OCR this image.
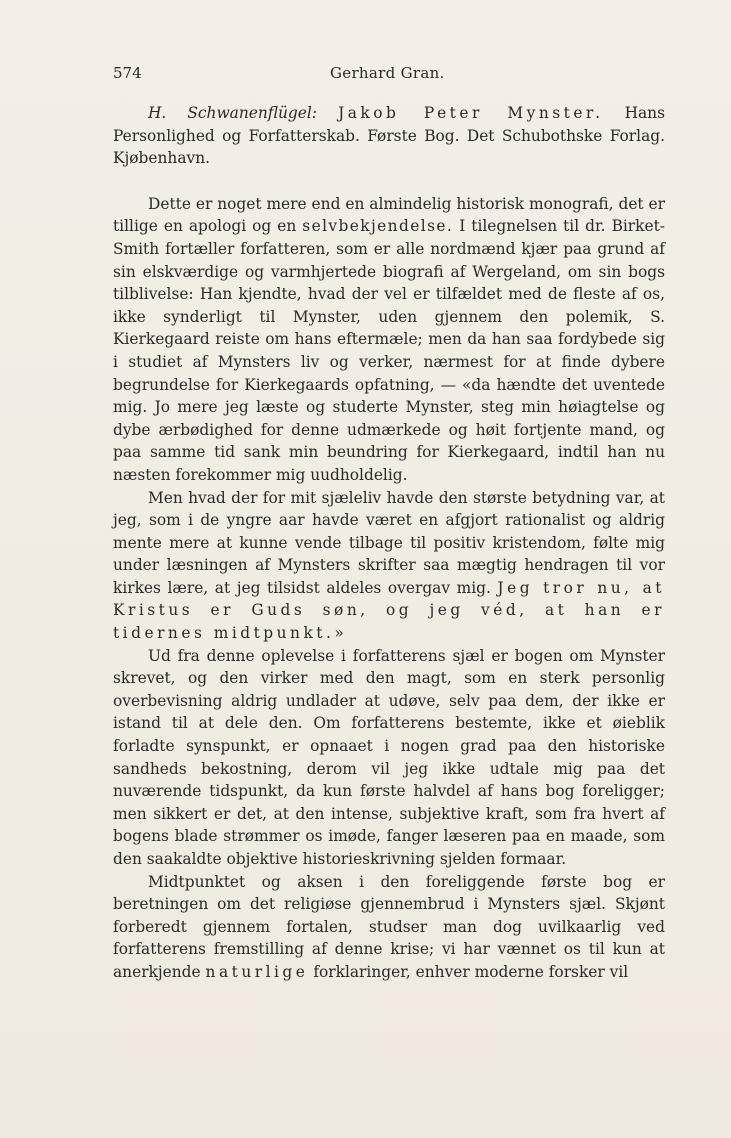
574	Gerhard Gran.

H. Schwanenflügel: Jakob Peter Mynster. Hans Personlighed og Forfatterskab. Første Bog. Det Schubothske Forlag. Kjøbenhavn.

Dette er noget mere end en almindelig historisk monografi, det er tillige en apologi og en selvbekjendelse. I tilegnelsen til dr. Birket-Smith fortæller forfatteren, som er alle nordmænd kjær paa grund af sin elskværdige og varmhjertede biografi af Wergeland, om sin bogs tilblivelse: Han kjendte, hvad der vel er tilfældet med de fleste af os, ikke synderligt til Mynster, uden gjennem den polemik, S. Kierkegaard reiste om hans eftermæle; men da han saa fordybede sig i studiet af Mynsters liv og verker, nærmest for at finde dybere begrundelse for Kierkegaards opfatning, — «da hændte det uventede mig. Jo mere jeg læste og studerte Mynster, steg min høiagtelse og dybe ærbødighed for denne udmærkede og høit fortjente mand, og paa samme tid sank min beundring for Kierkegaard, indtil han nu næsten forekommer mig uudholdelig.

Men hvad der for mit sjæleliv havde den største betydning var, at jeg, som i de yngre aar havde været en afgjort rationalist og aldrig mente mere at kunne vende tilbage til positiv kristendom, følte mig under læsningen af Mynsters skrifter saa mægtig hendragen til vor kirkes lære, at jeg tilsidst aldeles overgav mig. Jeg tror nu, at Kristus er Guds søn, og jeg véd, at han er tidernes midtpunkt.»

Ud fra denne oplevelse i forfatterens sjæl er bogen om Mynster skrevet, og den virker med den magt, som en sterk personlig overbevisning aldrig undlader at udøve, selv paa dem, der ikke er istand til at dele den. Om forfatterens bestemte, ikke et øieblik forladte synspunkt, er opnaaet i nogen grad paa den historiske sandheds bekostning, derom vil jeg ikke udtale mig paa det nuværende tidspunkt, da kun første halvdel af hans bog foreligger; men sikkert er det, at den intense, subjektive kraft, som fra hvert af bogens blade strømmer os imøde, fanger læseren paa en maade, som den saakaldte objektive historieskrivning sjelden formaar.

Midtpunktet og aksen i den foreliggende første bog er beretningen om det religiøse gjennembrud i Mynsters sjæl. Skjønt forberedt gjennem fortalen, studser man dog uvilkaarlig ved forfatterens fremstilling af denne krise; vi har vænnet os til kun at anerkjende naturlige forklaringer, enhver moderne forsker vil
